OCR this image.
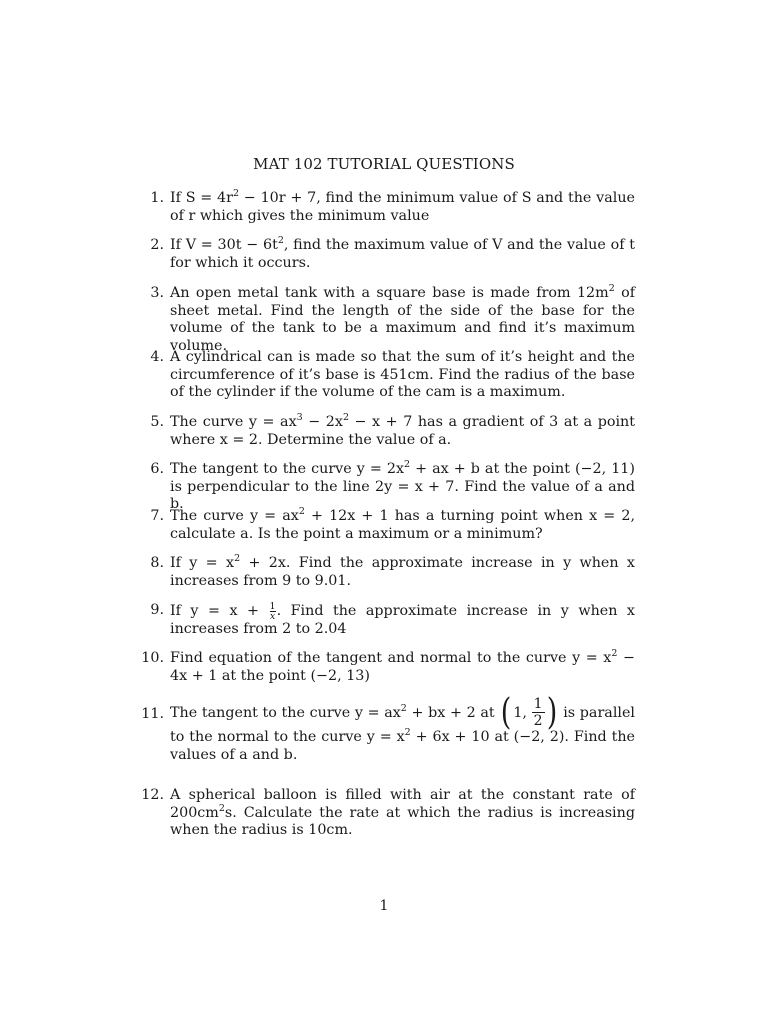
MAT 102 TUTORIAL QUESTIONS
1. If $S = 4r^2 - 10r + 7$, find the minimum value of S and the value of r which gives the minimum value
2. If $V = 30t - 6t^2$, find the maximum value of V and the value of t for which it occurs.
3. An open metal tank with a square base is made from $12m^2$ of sheet metal. Find the length of the side of the base for the volume of the tank to be a maximum and find it’s maximum volume.
4. A cylindrical can is made so that the sum of it’s height and the circumference of it’s base is 451cm. Find the radius of the base of the cylinder if the volume of the cam is a maximum.
5. The curve $y = ax^3 - 2x^2 - x + 7$ has a gradient of 3 at a point where x = 2. Determine the value of a.
6. The tangent to the curve $y = 2x^2$ + ax + b at the point (−2, 11) is perpendicular to the line 2y = x + 7. Find the value of a and b.
7. The curve $y = ax^2 + 12x + 1$ has a turning point when x = 2, calculate a. Is the point a maximum or a minimum?
8. If $y = x^2 + 2x$. Find the approximate increase in y when x increases from 9 to 9.01.
9. If $y = x + \frac{1}{x}$ . Find the approximate increase in y when x increases from 2 to 2.04
10. Find equation of the tangent and normal to the curve $y = x^2 - 4x + 1$ at the point (−2, 13)
11. The tangent to the curve $y = ax^2$ + bx + 2 at ( 1, $\frac{1}{2}$ ) is parallel to the normal to the curve $y = x^2 + 6x + 10$ at (−2, 2). Find the values of a and b.
12. A spherical balloon is filled with air at the constant rate of $200cm^2s$. Calculate the rate at which the radius is increasing when the radius is 10cm.
1
